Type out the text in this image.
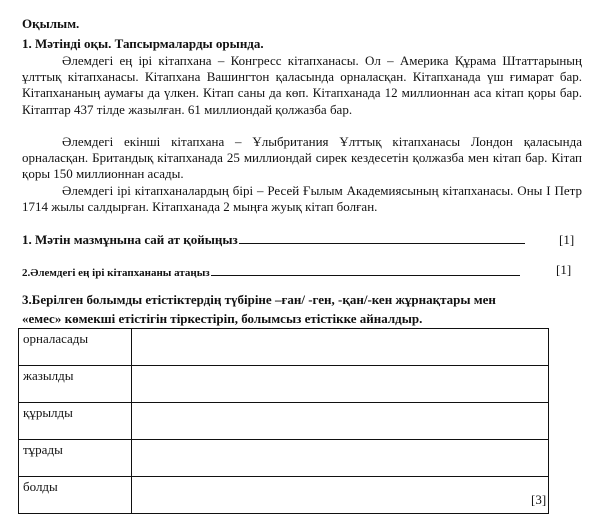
Оқылым.
1. Мәтінді оқы. Тапсырмаларды орында.
Әлемдегі ең ірі кітапхана – Конгресс кітапханасы. Ол – Америка Құрама Штаттарының ұлттық кітапханасы. Кітапхана Вашингтон қаласында орналасқан. Кітапханада үш ғимарат бар. Кітапхананың аумағы да үлкен. Кітап саны да көп. Кітапханада 12 миллионнан аса кітап қоры бар. Кітаптар 437 тілде жазылған. 61 миллиондай қолжазба бар.
Әлемдегі екінші кітапхана – Ұлыбритания Ұлттық кітапханасы Лондон қаласында орналасқан. Британдық кітапханада 25 миллиондай сирек кездесетін қолжазба мен кітап бар. Кітап қоры 150 миллионнан асады.
Әлемдегі ірі кітапханалардың бірі – Ресей Ғылым Академиясының кітапханасы. Оны I Петр 1714 жылы салдырған. Кітапханада 2 мыңға жуық кітап болған.
1. Мәтін мазмұнына сай ат қойыңыз	[1]
2.Әлемдегі ең ірі кітапхананы атаңыз	[1]
3.Берілген болымды етістіктердің түбіріне –ған/ -ген, -қан/-кен жұрнақтары мен
«емес» көмекші етістігін тіркестіріп, болымсыз етістікке айналдыр.
орналасады	
жазылды	
құрылды	
тұрады	
болды	
[3]
